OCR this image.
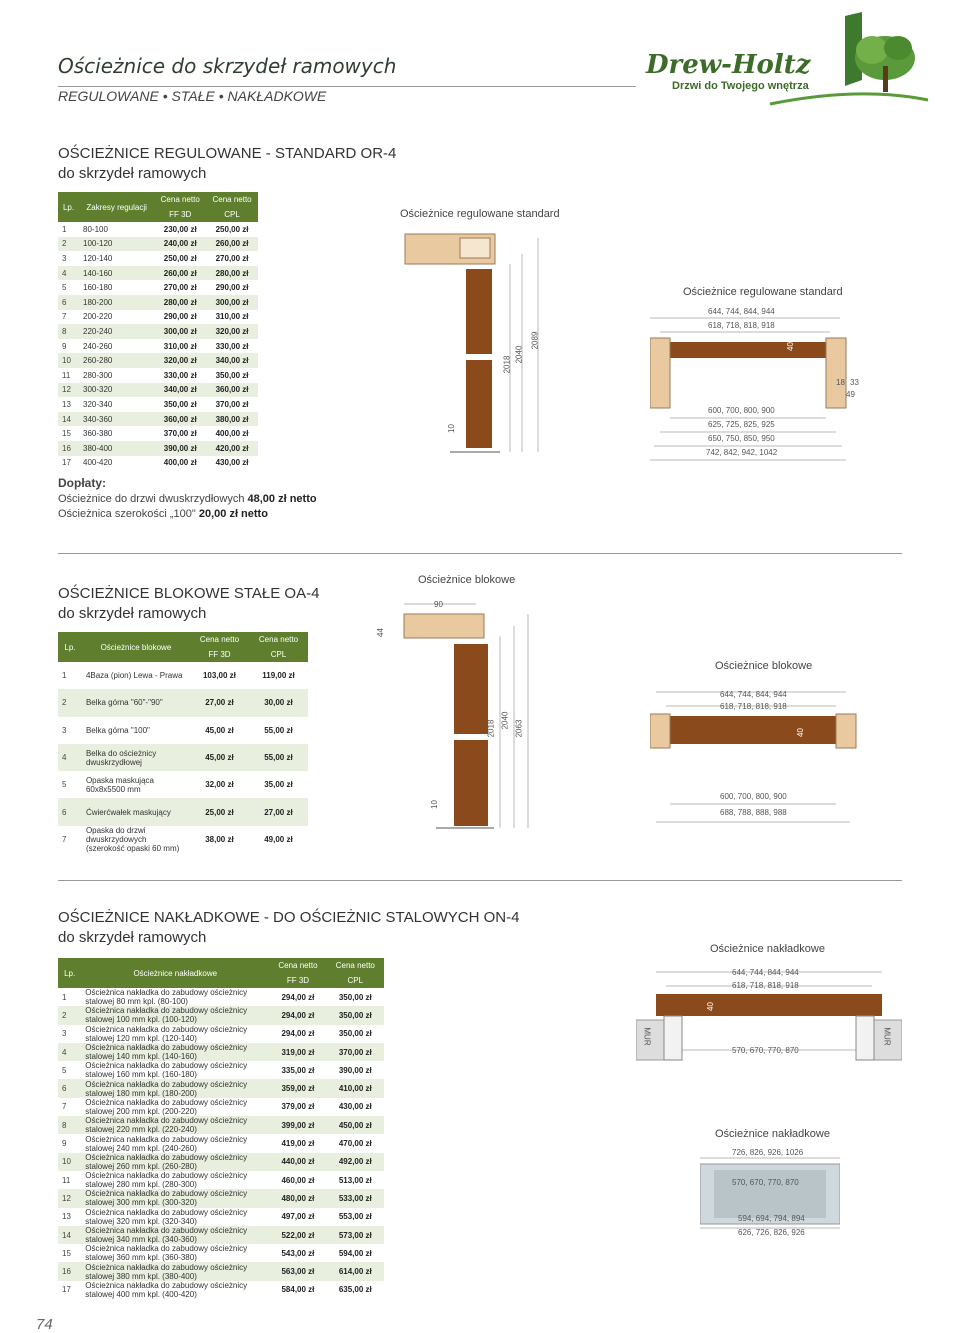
Ościeżnice do skrzydeł ramowych
REGULOWANE • STAŁE • NAKŁADKOWE
Drew-Holtz
Drzwi do Twojego wnętrza
OŚCIEŻNICE REGULOWANE - STANDARD OR-4
do skrzydeł ramowych
Lp.	Zakresy regulacji	Cena netto	Cena netto
		FF 3D	CPL
1	80-100	230,00 zł	250,00 zł
2	100-120	240,00 zł	260,00 zł
3	120-140	250,00 zł	270,00 zł
4	140-160	260,00 zł	280,00 zł
5	160-180	270,00 zł	290,00 zł
6	180-200	280,00 zł	300,00 zł
7	200-220	290,00 zł	310,00 zł
8	220-240	300,00 zł	320,00 zł
9	240-260	310,00 zł	330,00 zł
10	260-280	320,00 zł	340,00 zł
11	280-300	330,00 zł	350,00 zł
12	300-320	340,00 zł	360,00 zł
13	320-340	350,00 zł	370,00 zł
14	340-360	360,00 zł	380,00 zł
15	360-380	370,00 zł	400,00 zł
16	380-400	390,00 zł	420,00 zł
17	400-420	400,00 zł	430,00 zł
Dopłaty:
Ościeżnice do drzwi dwuskrzydłowych 48,00 zł netto
Ościeżnica szerokości „100" 20,00 zł netto
Ościeżnice regulowane standard
10
2018
2040
2089
Ościeżnice regulowane standard
644, 744, 844, 944
618, 718, 818, 918
40
18 33
49
600, 700, 800, 900
625, 725, 825, 925
650, 750, 850, 950
742, 842, 942, 1042
OŚCIEŻNICE BLOKOWE STAŁE OA-4
do skrzydeł ramowych
Lp.	Ościeżnice blokowe	Cena netto	Cena netto
		FF 3D	CPL
1	4Baza (pion) Lewa - Prawa	103,00 zł	119,00 zł
2	Belka górna "60"-"90"	27,00 zł	30,00 zł
3	Belka górna "100"	45,00 zł	55,00 zł
4	Belka do ościeżnicy dwuskrzydłowej	45,00 zł	55,00 zł
5	Opaska maskująca 60x8x5500 mm	32,00 zł	35,00 zł
6	Ćwierćwałek maskujący	25,00 zł	27,00 zł
7	Opaska do drzwi dwuskrzydowych (szerokość opaski 60 mm)	38,00 zł	49,00 zł
Ościeżnice blokowe
90
44
10
2018 2040 2063
Ościeżnice blokowe
644, 744, 844, 944
618, 718, 818, 918
40
600, 700, 800, 900
688, 788, 888, 988
OŚCIEŻNICE NAKŁADKOWE - DO OŚCIEŻNIC STALOWYCH ON-4
do skrzydeł ramowych
Lp.	Ościeżnice nakładkowe	Cena netto	Cena netto
		FF 3D	CPL
1	Ościeżnica nakładka do zabudowy ościeżnicy stalowej 80 mm kpl. (80-100)	294,00 zł	350,00 zł
2	Ościeżnica nakładka do zabudowy ościeżnicy stalowej 100 mm kpl. (100-120)	294,00 zł	350,00 zł
3	Ościeżnica nakładka do zabudowy ościeżnicy stalowej 120 mm kpl. (120-140)	294,00 zł	350,00 zł
4	Ościeżnica nakładka do zabudowy ościeżnicy stalowej 140 mm kpl. (140-160)	319,00 zł	370,00 zł
5	Ościeżnica nakładka do zabudowy ościeżnicy stalowej 160 mm kpl. (160-180)	335,00 zł	390,00 zł
6	Ościeżnica nakładka do zabudowy ościeżnicy stalowej 180 mm kpl. (180-200)	359,00 zł	410,00 zł
7	Ościeżnica nakładka do zabudowy ościeżnicy stalowej 200 mm kpl. (200-220)	379,00 zł	430,00 zł
8	Ościeżnica nakładka do zabudowy ościeżnicy stalowej 220 mm kpl. (220-240)	399,00 zł	450,00 zł
9	Ościeżnica nakładka do zabudowy ościeżnicy stalowej 240 mm kpl. (240-260)	419,00 zł	470,00 zł
10	Ościeżnica nakładka do zabudowy ościeżnicy stalowej 260 mm kpl. (260-280)	440,00 zł	492,00 zł
11	Ościeżnica nakładka do zabudowy ościeżnicy stalowej 280 mm kpl. (280-300)	460,00 zł	513,00 zł
12	Ościeżnica nakładka do zabudowy ościeżnicy stalowej 300 mm kpl. (300-320)	480,00 zł	533,00 zł
13	Ościeżnica nakładka do zabudowy ościeżnicy stalowej 320 mm kpl. (320-340)	497,00 zł	553,00 zł
14	Ościeżnica nakładka do zabudowy ościeżnicy stalowej 340 mm kpl. (340-360)	522,00 zł	573,00 zł
15	Ościeżnica nakładka do zabudowy ościeżnicy stalowej 360 mm kpl. (360-380)	543,00 zł	594,00 zł
16	Ościeżnica nakładka do zabudowy ościeżnicy stalowej 380 mm kpl. (380-400)	563,00 zł	614,00 zł
17	Ościeżnica nakładka do zabudowy ościeżnicy stalowej 400 mm kpl. (400-420)	584,00 zł	635,00 zł
Ościeżnice nakładkowe
644, 744, 844, 944
618, 718, 818, 918
40
570, 670, 770, 870
MUR	MUR
Ościeżnice nakładkowe
726, 826, 926, 1026
570, 670, 770, 870
594, 694, 794, 894
626, 726, 826, 926
74
